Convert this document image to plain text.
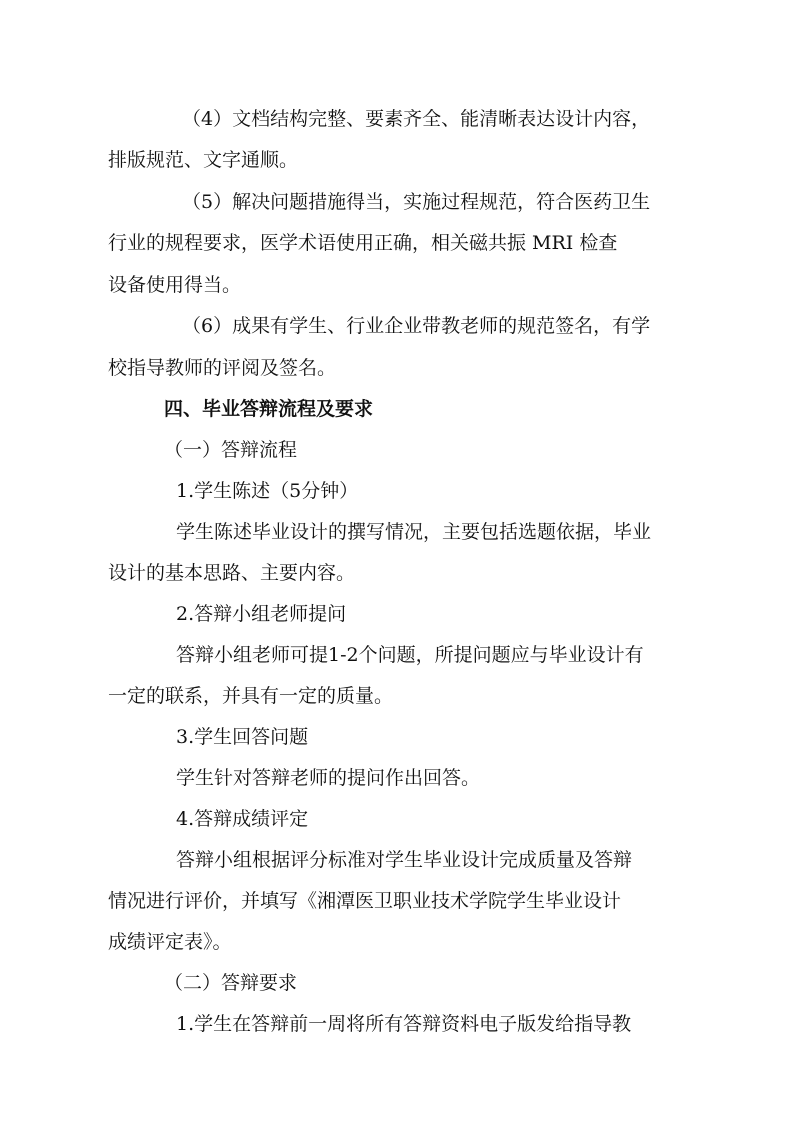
（4）文档结构完整、要素齐全、能清晰表达设计内容，
排版规范、文字通顺。
（5）解决问题措施得当，实施过程规范，符合医药卫生
行业的规程要求，医学术语使用正确，相关磁共振 MRI 检查
设备使用得当。
（6）成果有学生、行业企业带教老师的规范签名，有学
校指导教师的评阅及签名。
四、毕业答辩流程及要求
（一）答辩流程
1.学生陈述（5分钟）
学生陈述毕业设计的撰写情况，主要包括选题依据，毕业
设计的基本思路、主要内容。
2.答辩小组老师提问
答辩小组老师可提1-2个问题，所提问题应与毕业设计有
一定的联系，并具有一定的质量。
3.学生回答问题
学生针对答辩老师的提问作出回答。
4.答辩成绩评定
答辩小组根据评分标准对学生毕业设计完成质量及答辩
情况进行评价，并填写《湘潭医卫职业技术学院学生毕业设计
成绩评定表》。
（二）答辩要求
1.学生在答辩前一周将所有答辩资料电子版发给指导教
